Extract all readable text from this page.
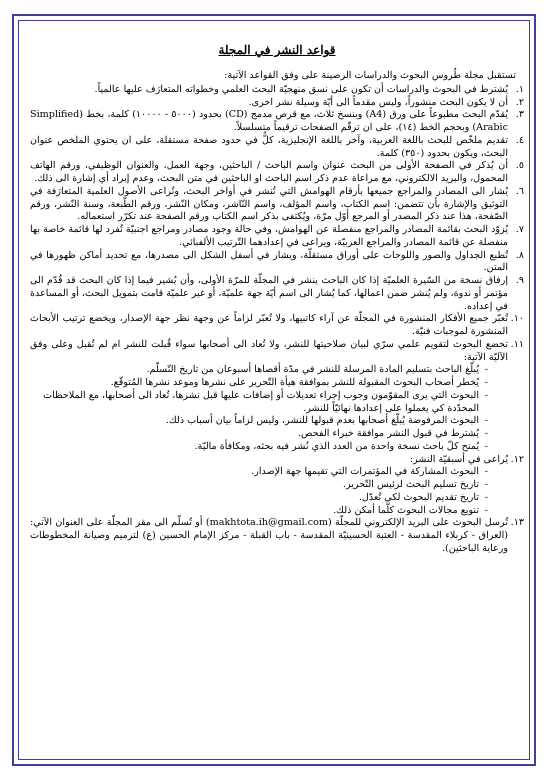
قواعد النشر في المجلة
تستقبل مجلة طُروس البحوث والدراسات الرصينة على وفق القواعد الآتية:
١.
يُشترط في البحوث والدراسات أن تكون على نسق منهجيّة البحث العلمي وخطواته المتعارَف عليها عالمياً.
٢.
أن لا يكون البحث منشوراً، وليس مقدماً الى أيّة وسيلة نشر اخرى.
٣.
يُقدّم البحث مطبوعاً على ورق (A4) وبنسخ ثلاث، مع قرص مدمج (CD) بحدود (٥٠٠٠ - ١٠٠٠٠) كلمة، بخط (Simplified Arabic) وبحجم الخط (١٤)، على ان ترقّم الصفحات ترقيماً متسلسلاً.
٤.
تقديم ملخّص للبحث باللغة العربية، وآخر باللغة الإنجليزية، كلٌّ في حدود صفحة مستقلة، على ان يحتوي الملخص عنوان البحث، ويكون بحدود (٣٥٠) كلمة.
٥.
أن يُذكر في الصفحة الأولى من البحث عنوان واسم الباحث / الباحثين، وجهة العمل، والعنوان الوظيفي، ورقم الهاتف المحمول، والبريد الالكتروني، مع مراعاة عدم ذكر اسم الباحث او الباحثين في متن البحث، وعدم إيراد أي إشارة الى ذلك.
٦.
يُشار الى المصادر والمراجع جميعها بأرقام الهوامش التي تُنشر في أواخر البحث، وتُراعى الأصول العلمية المتعارَفة في التوثيق والإشارة بأن تتضمن: اسم الكتاب، واسم المؤلف، واسم النّاشر، ومكان النّشر، ورقم الطّبعة، وسنة النّشر، ورقم الصّفحة، هذا عند ذكر المصدر أو المرجع أوّل مرّة، ويُكتفى بذكر اسم الكتاب ورقم الصفحة عند تكرّر استعماله.
٧.
يُزوّد البحث بقائمة المصادر والمراجع منفصلة عن الهوامش، وفي حالة وجود مصادر ومراجع اجنبيّة تُفرد لها قائمة خاصة بها منفصلة عن قائمة المصادر والمراجع العربيّة، ويراعى في إعدادهما التّرتيب الألفبائي.
٨.
تُطبع الجداول والصور واللوحات على أوراق مستقلّة، ويشار في أسفل الشكل الى مصدرها، مع تحديد أماكن ظهورها في المتن.
٩.
إرفاق نسخة من السّيرة العلميّة إذا كان الباحث ينشر في المجلّة للمرّة الأولى، وأن يُشير فيما إذا كان البحث قد قُدّم الى مؤتمر أو ندوة، ولم يُنشر ضمن اعمالها، كما يُشار الى اسم أيّة جهة علميّة، أو غير علميّة قامت بتمويل البحث، أو المساعدة في إعداده.
١٠.
تُعبّر جميع الأفكار المنشورة في المجلّة عن آراء كاتبيها، ولا تُعبّر لزاماً عن وجهة نظر جهة الإصدار، ويخضع ترتيب الأبحاث المنشورة لموجبات فنيّة.
١١.
تخضع البحوث لتقويم علمي سرّي لبيان صلاحيتها للنشر، ولا تُعاد الى أصحابها سواء قُبلت للنشر ام لم تُقبل وعلى وفق الآليّة الآتية:
-
يُبلّغ الباحث بتسليم المادة المرسلة للنشر في مدّة أقصاها أسبوعان من تاريخ التّسلّم.
-
يُخطر أصحاب البحوث المقبولة للنشر بموافقة هيأة التّحرير على نشرها وموعد نشرها المُتوقّع.
-
البحوث التي يرى المقوّمون وجوب إجراء تعديلات أو إضافات عليها قبل نشرها، تُعاد الى أصحابها، مع الملاحظات المحدّدة كي يعملوا على إعدادها نهائيّاً للنشر.
-
البحوث المرفوضة يُبلّغ أصحابها بعدم قبولها للنشر، وليس لزاماً بيان أسباب ذلك.
-
يُشترط في قبول النشر موافقة خبراء الفحص.
-
يُمنح كلّ باحث نسخة واحدة من العدد الذي نُشر فيه بحثه، ومكافأة ماليّة.
١٢.
يُراعى في أسبقيّة النشر:
-
البحوث المشاركة في المؤتمرات التي تقيمها جهة الإصدار.
-
تاريخ تسليم البحث لرئيس التّحرير.
-
تاريخ تقديم البحوث لكي تُعدّل.
-
تنويع مجالات البحوث كلّما أمكن ذلك.
١٣.
تُرسل البحوث على البريد الإلكتروني للمجلّة (makhtota.ih@gmail.com) أو تُسلّم الى مقر المجلّة على العنوان الآتي: (العراق - كربلاء المقدسة - العتبة الحسينيّة المقدسة - باب القبلة - مركز الإمام الحسين (ع) لترميم وصيانة المخطوطات ورعاية الباحثين).
